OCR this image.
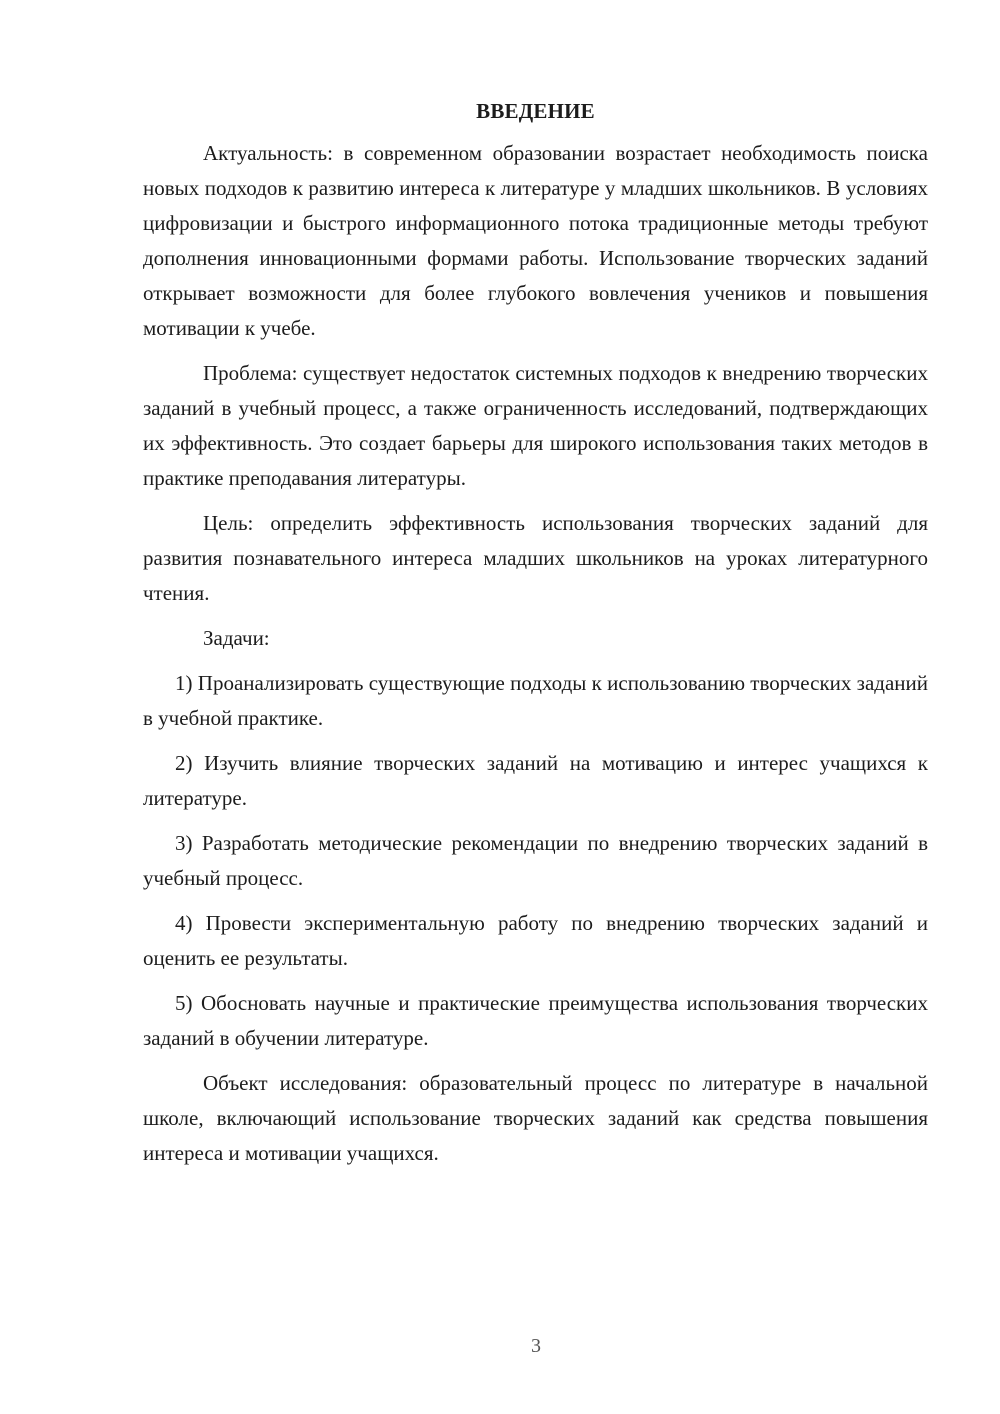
ВВЕДЕНИЕ

Актуальность: в современном образовании возрастает необходимость поиска новых подходов к развитию интереса к литературе у младших школьников. В условиях цифровизации и быстрого информационного потока традиционные методы требуют дополнения инновационными формами работы. Использование творческих заданий открывает возможности для более глубокого вовлечения учеников и повышения мотивации к учебе.

Проблема: существует недостаток системных подходов к внедрению творческих заданий в учебный процесс, а также ограниченность исследований, подтверждающих их эффективность. Это создает барьеры для широкого использования таких методов в практике преподавания литературы.

Цель: определить эффективность использования творческих заданий для развития познавательного интереса младших школьников на уроках литературного чтения.

Задачи:

1) Проанализировать существующие подходы к использованию творческих заданий в учебной практике.

2) Изучить влияние творческих заданий на мотивацию и интерес учащихся к литературе.

3) Разработать методические рекомендации по внедрению творческих заданий в учебный процесс.

4) Провести экспериментальную работу по внедрению творческих заданий и оценить ее результаты.

5) Обосновать научные и практические преимущества использования творческих заданий в обучении литературе.

Объект исследования: образовательный процесс по литературе в начальной школе, включающий использование творческих заданий как средства повышения интереса и мотивации учащихся.

3
